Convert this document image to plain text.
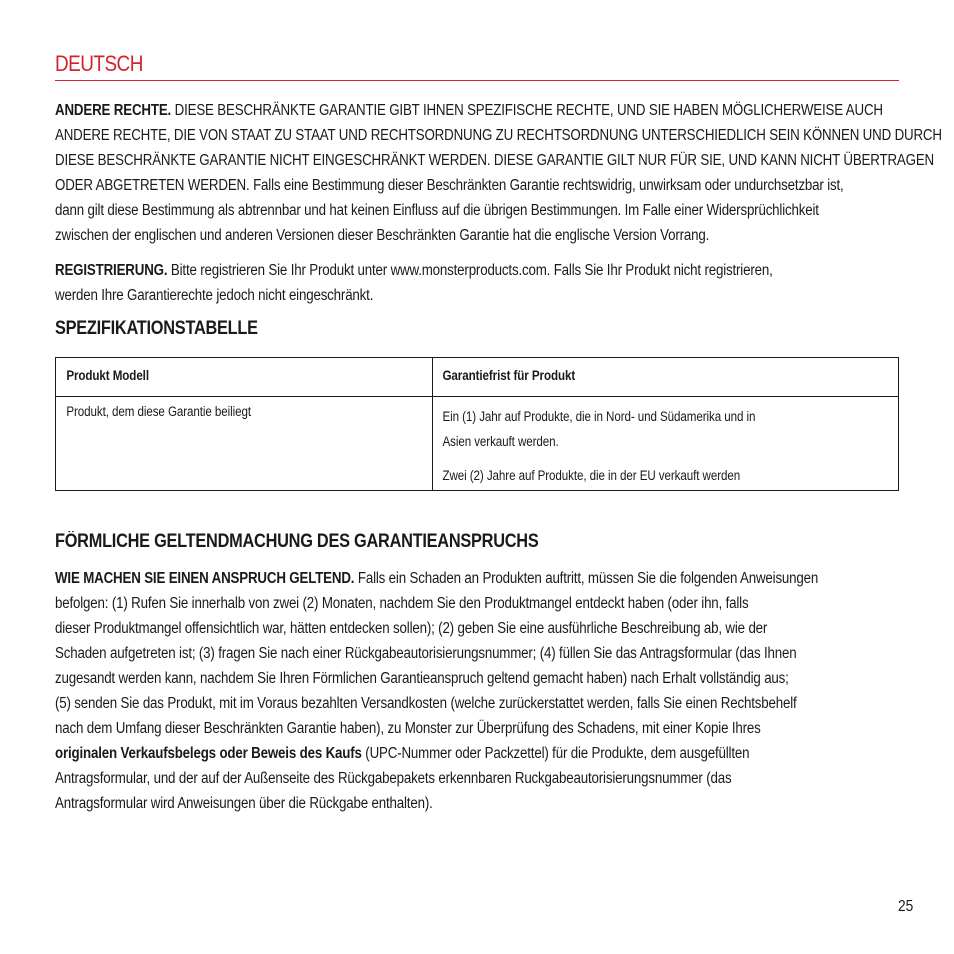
DEUTSCH
ANDERE RECHTE. DIESE BESCHRÄNKTE GARANTIE GIBT IHNEN SPEZIFISCHE RECHTE, UND SIE HABEN MÖGLICHERWEISE AUCH
ANDERE RECHTE, DIE VON STAAT ZU STAAT UND RECHTSORDNUNG ZU RECHTSORDNUNG UNTERSCHIEDLICH SEIN KÖNNEN UND DURCH
DIESE BESCHRÄNKTE GARANTIE NICHT EINGESCHRÄNKT WERDEN. DIESE GARANTIE GILT NUR FÜR SIE, UND KANN NICHT ÜBERTRAGEN
ODER ABGETRETEN WERDEN. Falls eine Bestimmung dieser Beschränkten Garantie rechtswidrig, unwirksam oder undurchsetzbar ist,
dann gilt diese Bestimmung als abtrennbar und hat keinen Einfluss auf die übrigen Bestimmungen. Im Falle einer Widersprüchlichkeit
zwischen der englischen und anderen Versionen dieser Beschränkten Garantie hat die englische Version Vorrang.
REGISTRIERUNG. Bitte registrieren Sie Ihr Produkt unter www.monsterproducts.com. Falls Sie Ihr Produkt nicht registrieren,
werden Ihre Garantierechte jedoch nicht eingeschränkt.
SPEZIFIKATIONSTABELLE
Produkt Modell	Garantiefrist für Produkt

Produkt, dem diese Garantie beiliegt	Ein (1) Jahr auf Produkte, die in Nord- und Südamerika und in
Asien verkauft werden.
Zwei (2) Jahre auf Produkte, die in der EU verkauft werden
FÖRMLICHE GELTENDMACHUNG DES GARANTIEANSPRUCHS
WIE MACHEN SIE EINEN ANSPRUCH GELTEND. Falls ein Schaden an Produkten auftritt, müssen Sie die folgenden Anweisungen
befolgen: (1) Rufen Sie innerhalb von zwei (2) Monaten, nachdem Sie den Produktmangel entdeckt haben (oder ihn, falls
dieser Produktmangel offensichtlich war, hätten entdecken sollen); (2) geben Sie eine ausführliche Beschreibung ab, wie der
Schaden aufgetreten ist; (3) fragen Sie nach einer Rückgabeautorisierungsnummer; (4) füllen Sie das Antragsformular (das Ihnen
zugesandt werden kann, nachdem Sie Ihren Förmlichen Garantieanspruch geltend gemacht haben) nach Erhalt vollständig aus;
(5) senden Sie das Produkt, mit im Voraus bezahlten Versandkosten (welche zurückerstattet werden, falls Sie einen Rechtsbehelf
nach dem Umfang dieser Beschränkten Garantie haben), zu Monster zur Überprüfung des Schadens, mit einer Kopie Ihres
originalen Verkaufsbelegs oder Beweis des Kaufs (UPC-Nummer oder Packzettel) für die Produkte, dem ausgefüllten
Antragsformular, und der auf der Außenseite des Rückgabepakets erkennbaren Ruckgabeautorisierungsnummer (das
Antragsformular wird Anweisungen über die Rückgabe enthalten).
25
